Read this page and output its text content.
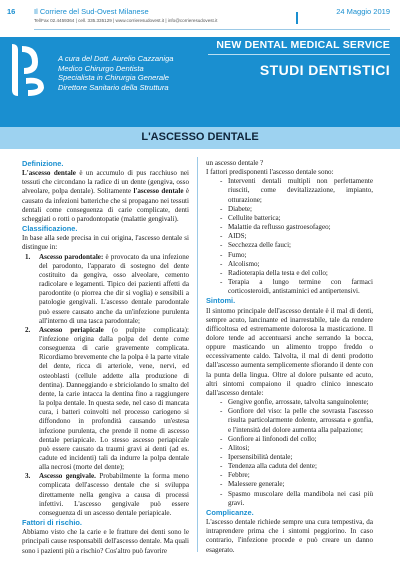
16 Il Corriere del Sud-Ovest Milanese
Tel/Fax 02.4459364 | cell. 335.335129 | www.corrieresudovest.it | info@corrieresudovest.it
24 Maggio 2019
A cura del Dott. Aurelio Cazzaniga
Medico Chirurgo Dentista
Specialista in Chirurgia Generale
Direttore Sanitario della Struttura
NEW DENTAL MEDICAL SERVICE
STUDI DENTISTICI
L'ASCESSO DENTALE

Definizione.

L'ascesso dentale è un accumulo di pus racchiuso nei tessuti che circondano la radice di un dente (gengiva, osso alveolare, polpa dentale). Solitamente l'ascesso dentale è causato da infezioni batteriche che si propagano nei tessuti dentali come conseguenza di carie complicate, denti scheggiati o rotti o parodontopatie (malattie gengivali).

Classificazione.

In base alla sede precisa in cui origina, l'ascesso dentale si distingue in:

1. Ascesso parodontale: è provocato da una infezione del parodonto, l'apparato di sostegno del dente costituito da gengiva, osso alveolare, cemento radicolare e legamenti. Tipico dei pazienti affetti da parodontite (o piorrea che dir si voglia) e sensibili a patologie gengivali. L'ascesso dentale parodontale può essere causato anche da un'infezione purulenta all'interno di una tasca parodontale;
2. Ascesso periapicale (o pulpite complicata): l'infezione origina dalla polpa del dente come conseguenza di carie gravemente complicata. Ricordiamo brevemente che la polpa è la parte vitale del dente, ricca di arteriole, vene, nervi, ed osteoblasti (cellule addette alla produzione di dentina). Danneggiando e sbriciolando lo smalto del dente, la carie intacca la dentina fino a raggiungere la polpa dentale. In questa sede, nel caso di mancata cura, i batteri coinvolti nel processo cariogeno si diffondono in profondità causando un'estesa infezione purulenta, che prende il nome di ascesso dentale periapicale. Lo stesso ascesso periapicale può essere causato da traumi gravi ai denti (ad es. cadute ed incidenti) tali da indurre la polpa dentale alla necrosi (morte del dente);
3. Ascesso gengivale. Probabilmente la forma meno complicata dell'ascesso dentale che si sviluppa direttamente nella gengiva a causa di processi infettivi. L'ascesso gengivale può essere conseguenza di un ascesso dentale periapicale.

Fattori di rischio.

Abbiamo visto che la carie e le fratture dei denti sono le principali cause responsabili dell'ascesso dentale. Ma quali sono i pazienti più a rischio? Cos'altro può favorire

un ascesso dentale ?

I fattori predisponenti l'ascesso dentale sono:

- Interventi dentali multipli non perfettamente riusciti, come devitalizzazione, impianto, otturazione;
- Diabete;
- Cellulite batterica;
- Malattie da reflusso gastroesofageo;
- AIDS;
- Secchezza delle fauci;
- Fumo;
- Alcolismo;
- Radioterapia della testa e del collo;
- Terapia a lungo termine con farmaci corticosteroidi, antistaminici ed antipertensivi.

Sintomi.

Il sintomo principale dell'ascesso dentale è il mal di denti, sempre acuto, lancinante ed inarrestabile, tale da rendere difficoltosa ed estremamente dolorosa la masticazione. Il dolore tende ad accentuarsi anche serrando la bocca, oppure masticando un alimento troppo freddo o eccessivamente caldo. Talvolta, il mal di denti prodotto dall'ascesso aumenta semplicemente sfiorando il dente con la punta della lingua. Oltre al dolore pulsante ed acuto, altri sintomi compaiono il quadro clinico innescato dall'ascesso dentale:

- Gengive gonfie, arrossate, talvolta sanguinolente;
- Gonfiore del viso: la pelle che sovrasta l'ascesso risulta particolarmente dolente, arrossata e gonfia, e l'intensità del dolore aumenta alla palpazione;
- Gonfiore ai linfonodi del collo;
- Alitosi;
- Ipersensibilità dentale;
- Tendenza alla caduta del dente;
- Febbre;
- Malessere generale;
- Spasmo muscolare della mandibola nei casi più gravi.

Complicanze.

L'ascesso dentale richiede sempre una cura tempestiva, da intraprendere prima che i sintomi peggiorino. In caso contrario, l'infezione procede e può creare un danno esagerato.
